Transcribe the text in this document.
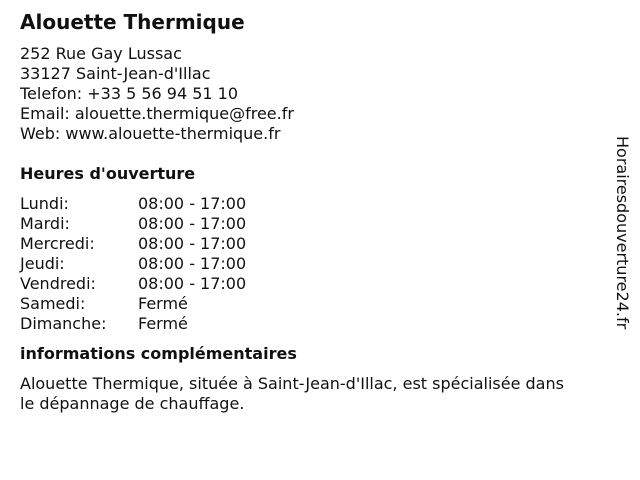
Alouette Thermique
252 Rue Gay Lussac
33127 Saint-Jean-d'Illac
Telefon: +33 5 56 94 51 10
Email: alouette.thermique@free.fr
Web: www.alouette-thermique.fr
Heures d'ouverture
Lundi:	08:00 - 17:00
Mardi:	08:00 - 17:00
Mercredi:	08:00 - 17:00
Jeudi:	08:00 - 17:00
Vendredi:	08:00 - 17:00
Samedi:	Fermé
Dimanche:	Fermé
informations complémentaires
Alouette Thermique, située à Saint-Jean-d'Illac, est spécialisée dans le dépannage de chauffage.
Horairesdouverture24.fr
